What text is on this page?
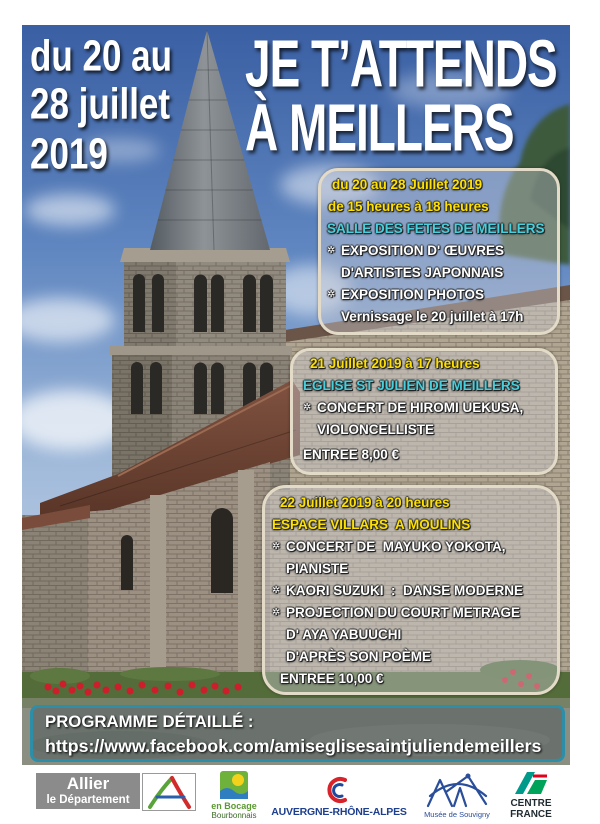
du 20 au
28 juillet
2019
JE T’ATTENDS
À MEILLERS
du 20 au 28 Juillet 2019
de 15 heures à 18 heures
SALLE DES FETES DE MEILLERS
✲ EXPOSITION D' ŒUVRES
D'ARTISTES JAPONNAIS
✲ EXPOSITION PHOTOS
Vernissage le 20 juillet à 17h
21 Juillet 2019 à 17 heures
EGLISE ST JULIEN DE MEILLERS
✲ CONCERT DE HIROMI UEKUSA,
VIOLONCELLISTE
ENTREE 8,00 €
22 Juillet 2019 à 20 heures
ESPACE VILLARS  A MOULINS
✲ CONCERT DE  MAYUKO YOKOTA,
PIANISTE
✲ KAORI SUZUKI  :  DANSE MODERNE
✲ PROJECTION DU COURT METRAGE
D' AYA YABUUCHI
D'APRÈS SON POÈME
ENTREE 10,00 €
PROGRAMME DÉTAILLÉ :
https://www.facebook.com/amiseglisesaintjuliendemeillers
Allier
le Département	en Bocage
Bourbonnais	AUVERGNE-RHÔNE-ALPES	Musée de Souvigny
CENTRE
FRANCE
